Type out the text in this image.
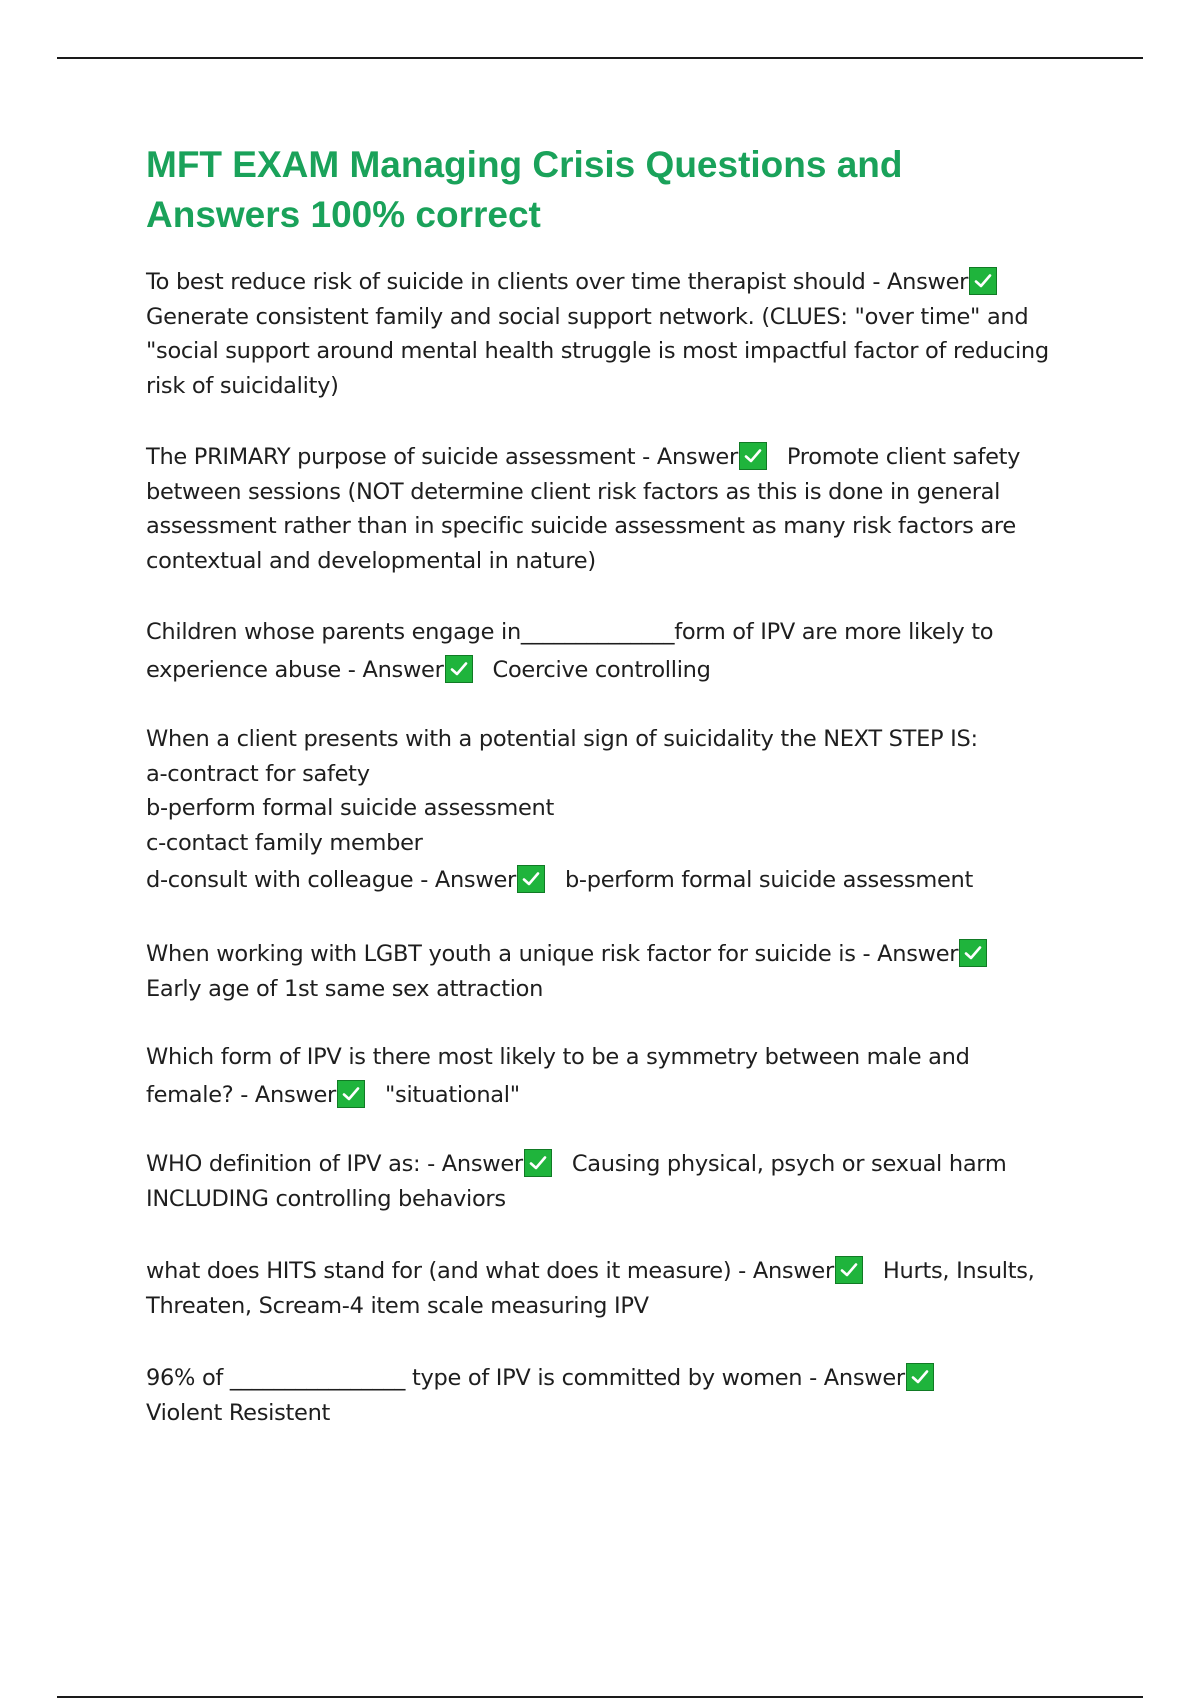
MFT EXAM Managing Crisis Questions and
Answers 100% correct
To best reduce risk of suicide in clients over time therapist should - Answer
Generate consistent family and social support network. (CLUES: "over time" and
"social support around mental health struggle is most impactful factor of reducing
risk of suicidality)
The PRIMARY purpose of suicide assessment - Answer Promote client safety
between sessions (NOT determine client risk factors as this is done in general
assessment rather than in specific suicide assessment as many risk factors are
contextual and developmental in nature)
Children whose parents engage in______________form of IPV are more likely to
experience abuse - Answer Coercive controlling
When a client presents with a potential sign of suicidality the NEXT STEP IS:
a-contract for safety
b-perform formal suicide assessment
c-contact family member
d-consult with colleague - Answer b-perform formal suicide assessment
When working with LGBT youth a unique risk factor for suicide is - Answer
Early age of 1st same sex attraction
Which form of IPV is there most likely to be a symmetry between male and
female? - Answer "situational"
WHO definition of IPV as: - Answer Causing physical, psych or sexual harm
INCLUDING controlling behaviors
what does HITS stand for (and what does it measure) - Answer Hurts, Insults,
Threaten, Scream-4 item scale measuring IPV
96% of ________________ type of IPV is committed by women - Answer
Violent Resistent
